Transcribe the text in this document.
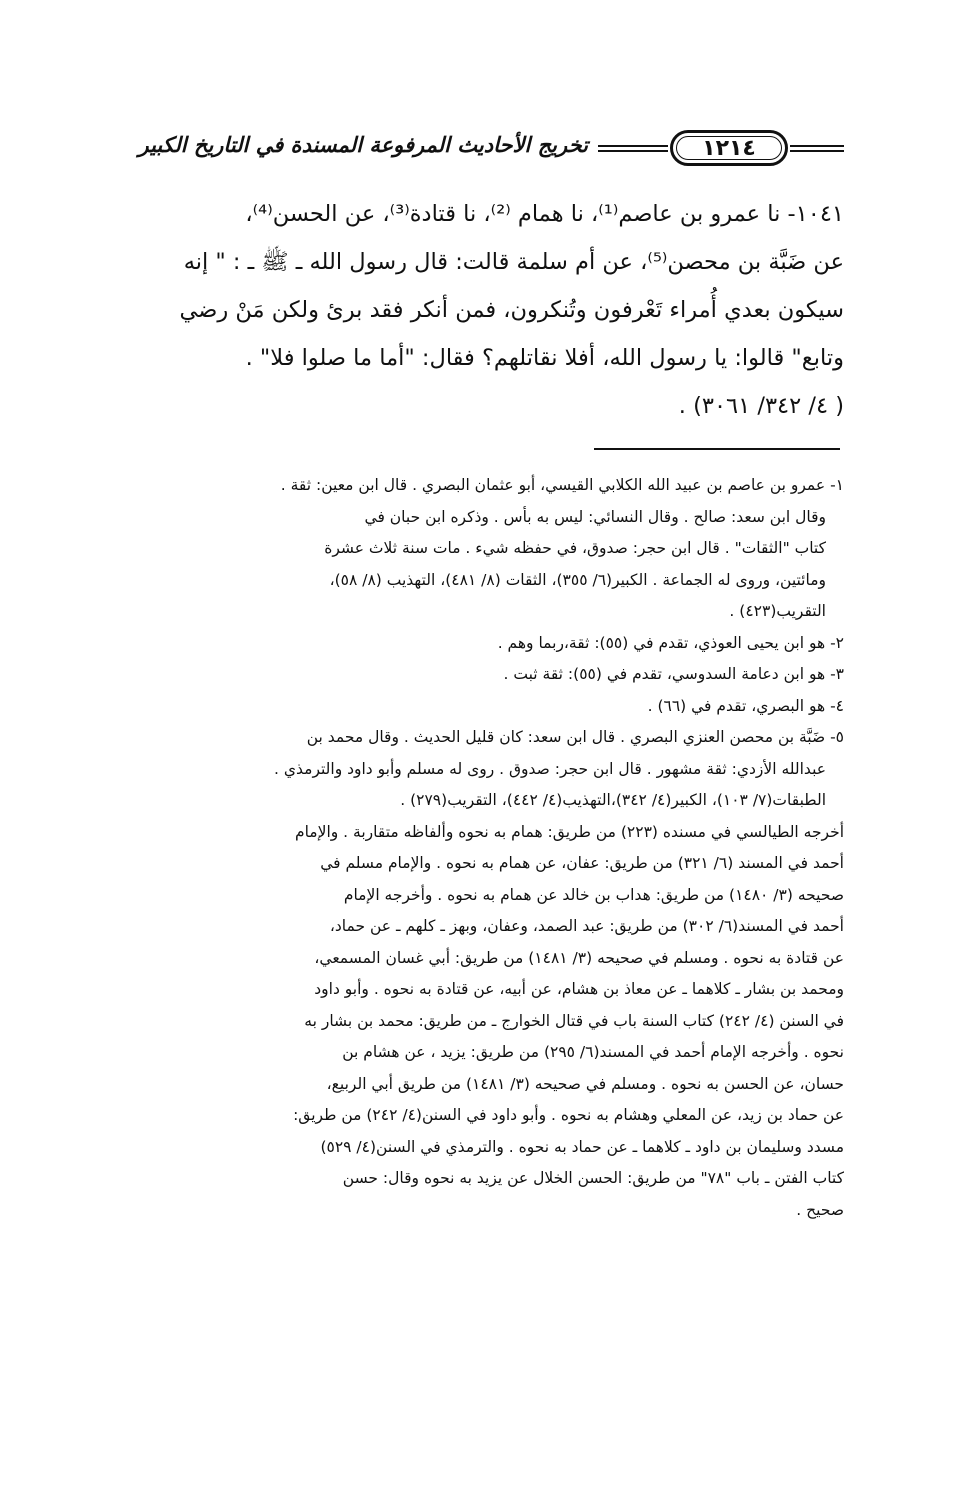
١٢١٤
تخريج الأحاديث المرفوعة المسندة في التاريخ الكبير
١٠٤١- نا عمرو بن عاصم⁽¹⁾، نا همام ⁽²⁾، نا قتادة⁽³⁾، عن الحسن⁽⁴⁾،
عن ضَبَّة بن محصن⁽⁵⁾، عن أم سلمة قالت: قال رسول الله ـ ﷺ ـ : " إنه
سيكون بعدي أُمراء تَعْرفون وتُنكرون، فمن أنكر فقد برئ ولكن مَنْ رضي
وتابع" قالوا: يا رسول الله، أفلا نقاتلهم؟ فقال: "أما ما صلوا فلا" .
( ٤/ ٣٤٢/ ٣٠٦١) .
١- عمرو بن عاصم بن عبيد الله الكلابي القيسي، أبو عثمان البصري . قال ابن معين: ثقة .
وقال ابن سعد: صالح . وقال النسائي: ليس به بأس . وذكره ابن حبان في
كتاب "الثقات" . قال ابن حجر: صدوق، في حفظه شيء . مات سنة ثلاث عشرة
ومائتين، وروى له الجماعة . الكبير(٦/ ٣٥٥)، الثقات (٨/ ٤٨١)، التهذيب (٨/ ٥٨)،
التقريب(٤٢٣) .
٢- هو ابن يحيى العوذي، تقدم في (٥٥): ثقة،ربما وهم .
٣- هو ابن دعامة السدوسي، تقدم في (٥٥): ثقة ثبت .
٤- هو البصري، تقدم في (٦٦) .
٥- ضَبَّة بن محصن العنزي البصري . قال ابن سعد: كان قليل الحديث . وقال محمد بن
عبدالله الأزدي: ثقة مشهور . قال ابن حجر: صدوق . روى له مسلم وأبو داود والترمذي .
الطبقات(٧/ ١٠٣)، الكبير(٤/ ٣٤٢)،التهذيب(٤/ ٤٤٢)، التقريب(٢٧٩) .
أخرجه الطيالسي في مسنده (٢٢٣) من طريق: همام به نحوه وألفاظه متقاربة . والإمام
أحمد في المسند (٦/ ٣٢١) من طريق: عفان، عن همام به نحوه . والإمام مسلم في
صحيحه (٣/ ١٤٨٠) من طريق: هداب بن خالد عن همام به نحوه . وأخرجه الإمام
أحمد في المسند(٦/ ٣٠٢) من طريق: عبد الصمد، وعفان، وبهز ـ كلهم ـ عن حماد،
عن قتادة به نحوه . ومسلم في صحيحه (٣/ ١٤٨١) من طريق: أبي غسان المسمعي،
ومحمد بن بشار ـ كلاهما ـ عن معاذ بن هشام، عن أبيه، عن قتادة به نحوه . وأبو داود
في السنن (٤/ ٢٤٢) كتاب السنة باب في قتال الخوارج ـ من طريق: محمد بن بشار به
نحوه . وأخرجه الإمام أحمد في المسند(٦/ ٢٩٥) من طريق: يزيد ، عن هشام بن
حسان، عن الحسن به نحوه . ومسلم في صحيحه (٣/ ١٤٨١) من طريق أبي الربيع،
عن حماد بن زيد، عن المعلي وهشام به نحوه . وأبو داود في السنن(٤/ ٢٤٢) من طريق:
مسدد وسليمان بن داود ـ كلاهما ـ عن حماد به نحوه . والترمذي في السنن(٤/ ٥٢٩)
كتاب الفتن ـ باب "٧٨" من طريق: الحسن الخلال عن يزيد به نحوه وقال: حسن
صحيح .
